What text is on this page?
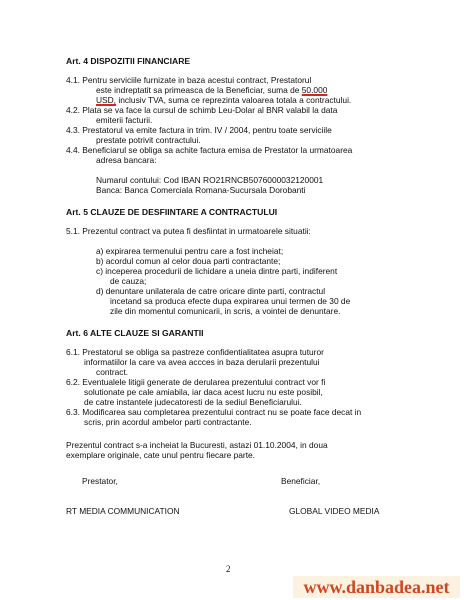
Art. 4 DISPOZITII FINANCIARE
4.1. Pentru serviciile furnizate in baza acestui contract, Prestatorul
este indreptatit sa primeasca de la Beneficiar, suma de 50.000
USD, inclusiv TVA, suma ce reprezinta valoarea totala a contractului.
4.2. Plata se va face la cursul de schimb Leu-Dolar al BNR valabil la data
emiterii facturii.
4.3. Prestatorul va emite factura in trim. IV / 2004, pentru toate serviciile
prestate potrivit contractului.
4.4. Beneficiarul se obliga sa achite factura emisa de Prestator la urmatoarea
adresa bancara:
Numarul contului: Cod IBAN RO21RNCB5076000032120001
Banca: Banca Comerciala Romana-Sucursala Dorobanti
Art. 5 CLAUZE DE DESFIINTARE A CONTRACTULUI
5.1. Prezentul contract va putea fi desfiintat in urmatoarele situatii:
a) expirarea termenului pentru care a fost incheiat;
b) acordul comun al celor doua parti contractante;
c) inceperea procedurii de lichidare a uneia dintre parti, indiferent
de cauza;
d) denuntare unilaterala de catre oricare dinte parti, contractul
incetand sa produca efecte dupa expirarea unui termen de 30 de
zile din momentul comunicarii, in scris, a vointei de denuntare.
Art. 6 ALTE CLAUZE SI GARANTII
6.1. Prestatorul se obliga sa pastreze confidentialitatea asupra tuturor
informatiilor la care va avea accces in baza derularii prezentului
contract.
6.2. Eventualele litigii generate de derularea prezentului contract vor fi
solutionate pe cale amiabila, iar daca acest lucru nu este posibil,
de catre instantele judecatoresti de la sediul Beneficiarului.
6.3. Modificarea sau completarea prezentului contract nu se poate face decat in
scris, prin acordul ambelor parti contractante.
Prezentul contract s-a incheiat la Bucuresti, astazi 01.10.2004, in doua
exemplare originale, cate unul pentru fiecare parte.
Prestator,	Beneficiar,
RT MEDIA COMMUNICATION	GLOBAL VIDEO MEDIA
2
www.danbadea.net
